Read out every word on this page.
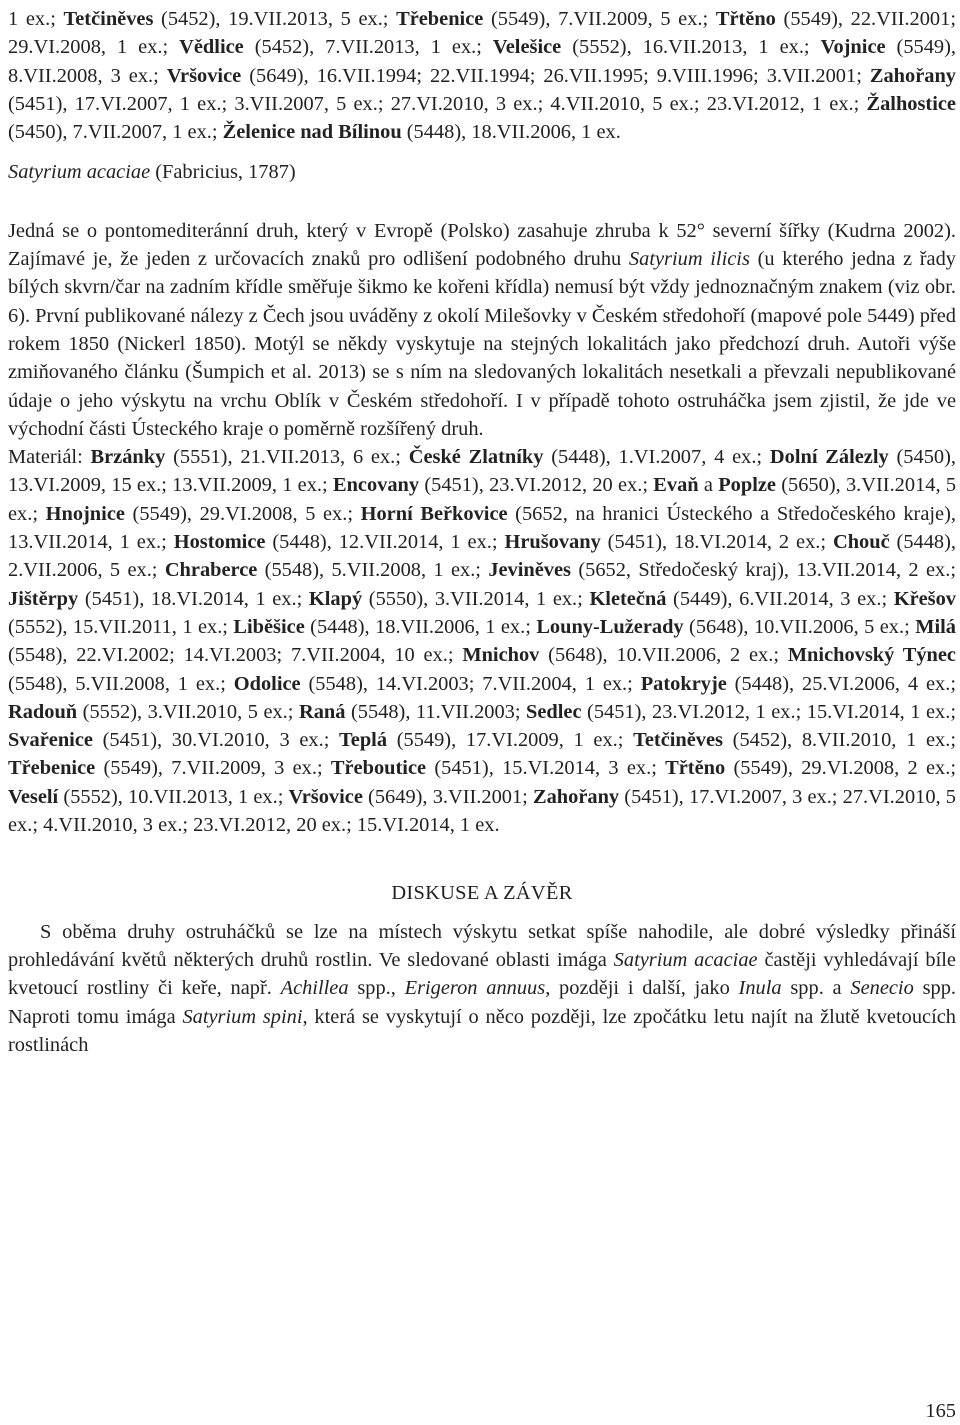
1 ex.; Tetčiněves (5452), 19.VII.2013, 5 ex.; Třebenice (5549), 7.VII.2009, 5 ex.; Třtěno (5549), 22.VII.2001; 29.VI.2008, 1 ex.; Vědlice (5452), 7.VII.2013, 1 ex.; Velešice (5552), 16.VII.2013, 1 ex.; Vojnice (5549), 8.VII.2008, 3 ex.; Vršovice (5649), 16.VII.1994; 22.VII.1994; 26.VII.1995; 9.VIII.1996; 3.VII.2001; Zahořany (5451), 17.VI.2007, 1 ex.; 3.VII.2007, 5 ex.; 27.VI.2010, 3 ex.; 4.VII.2010, 5 ex.; 23.VI.2012, 1 ex.; Žalhostice (5450), 7.VII.2007, 1 ex.; Želenice nad Bílinou (5448), 18.VII.2006, 1 ex.

Satyrium acaciae (Fabricius, 1787)

Jedná se o pontomediteránní druh, který v Evropě (Polsko) zasahuje zhruba k 52° severní šířky (Kudrna 2002). Zajímavé je, že jeden z určovacích znaků pro odlišení podobného druhu Satyrium ilicis (u kterého jedna z řady bílých skvrn/čar na zadním křídle směřuje šikmo ke kořeni křídla) nemusí být vždy jednoznačným znakem (viz obr. 6). První publikované nálezy z Čech jsou uváděny z okolí Milešovky v Českém středohoří (mapové pole 5449) před rokem 1850 (Nickerl 1850). Motýl se někdy vyskytuje na stejných lokalitách jako předchozí druh. Autoři výše zmiňovaného článku (Šumpich et al. 2013) se s ním na sledovaných lokalitách nesetkali a převzali nepublikované údaje o jeho výskytu na vrchu Oblík v Českém středohoří. I v případě tohoto ostruháčka jsem zjistil, že jde ve východní části Ústeckého kraje o poměrně rozšířený druh.

Materiál: Brzánky (5551), 21.VII.2013, 6 ex.; České Zlatníky (5448), 1.VI.2007, 4 ex.; Dolní Zálezly (5450), 13.VI.2009, 15 ex.; 13.VII.2009, 1 ex.; Encovany (5451), 23.VI.2012, 20 ex.; Evaň a Poplze (5650), 3.VII.2014, 5 ex.; Hnojnice (5549), 29.VI.2008, 5 ex.; Horní Beřkovice (5652, na hranici Ústeckého a Středočeského kraje), 13.VII.2014, 1 ex.; Hostomice (5448), 12.VII.2014, 1 ex.; Hrušovany (5451), 18.VI.2014, 2 ex.; Chouč (5448), 2.VII.2006, 5 ex.; Chraberce (5548), 5.VII.2008, 1 ex.; Jeviněves (5652, Středočeský kraj), 13.VII.2014, 2 ex.; Jištěrpy (5451), 18.VI.2014, 1 ex.; Klapý (5550), 3.VII.2014, 1 ex.; Kletečná (5449), 6.VII.2014, 3 ex.; Křešov (5552), 15.VII.2011, 1 ex.; Liběšice (5448), 18.VII.2006, 1 ex.; Louny-Lužerady (5648), 10.VII.2006, 5 ex.; Milá (5548), 22.VI.2002; 14.VI.2003; 7.VII.2004, 10 ex.; Mnichov (5648), 10.VII.2006, 2 ex.; Mnichovský Týnec (5548), 5.VII.2008, 1 ex.; Odolice (5548), 14.VI.2003; 7.VII.2004, 1 ex.; Patokryje (5448), 25.VI.2006, 4 ex.; Radouň (5552), 3.VII.2010, 5 ex.; Raná (5548), 11.VII.2003; Sedlec (5451), 23.VI.2012, 1 ex.; 15.VI.2014, 1 ex.; Svařenice (5451), 30.VI.2010, 3 ex.; Teplá (5549), 17.VI.2009, 1 ex.; Tetčiněves (5452), 8.VII.2010, 1 ex.; Třebenice (5549), 7.VII.2009, 3 ex.; Třeboutice (5451), 15.VI.2014, 3 ex.; Třtěno (5549), 29.VI.2008, 2 ex.; Veselí (5552), 10.VII.2013, 1 ex.; Vršovice (5649), 3.VII.2001; Zahořany (5451), 17.VI.2007, 3 ex.; 27.VI.2010, 5 ex.; 4.VII.2010, 3 ex.; 23.VI.2012, 20 ex.; 15.VI.2014, 1 ex.

DISKUSE A ZÁVĚR

S oběma druhy ostruháčků se lze na místech výskytu setkat spíše nahodile, ale dobré výsledky přináší prohledávání květů některých druhů rostlin. Ve sledované oblasti imága Satyrium acaciae častěji vyhledávají bíle kvetoucí rostliny či keře, např. Achillea spp., Erigeron annuus, později i další, jako Inula spp. a Senecio spp. Naproti tomu imága Satyrium spini, která se vyskytují o něco později, lze zpočátku letu najít na žlutě kvetoucích rostlinách

165
